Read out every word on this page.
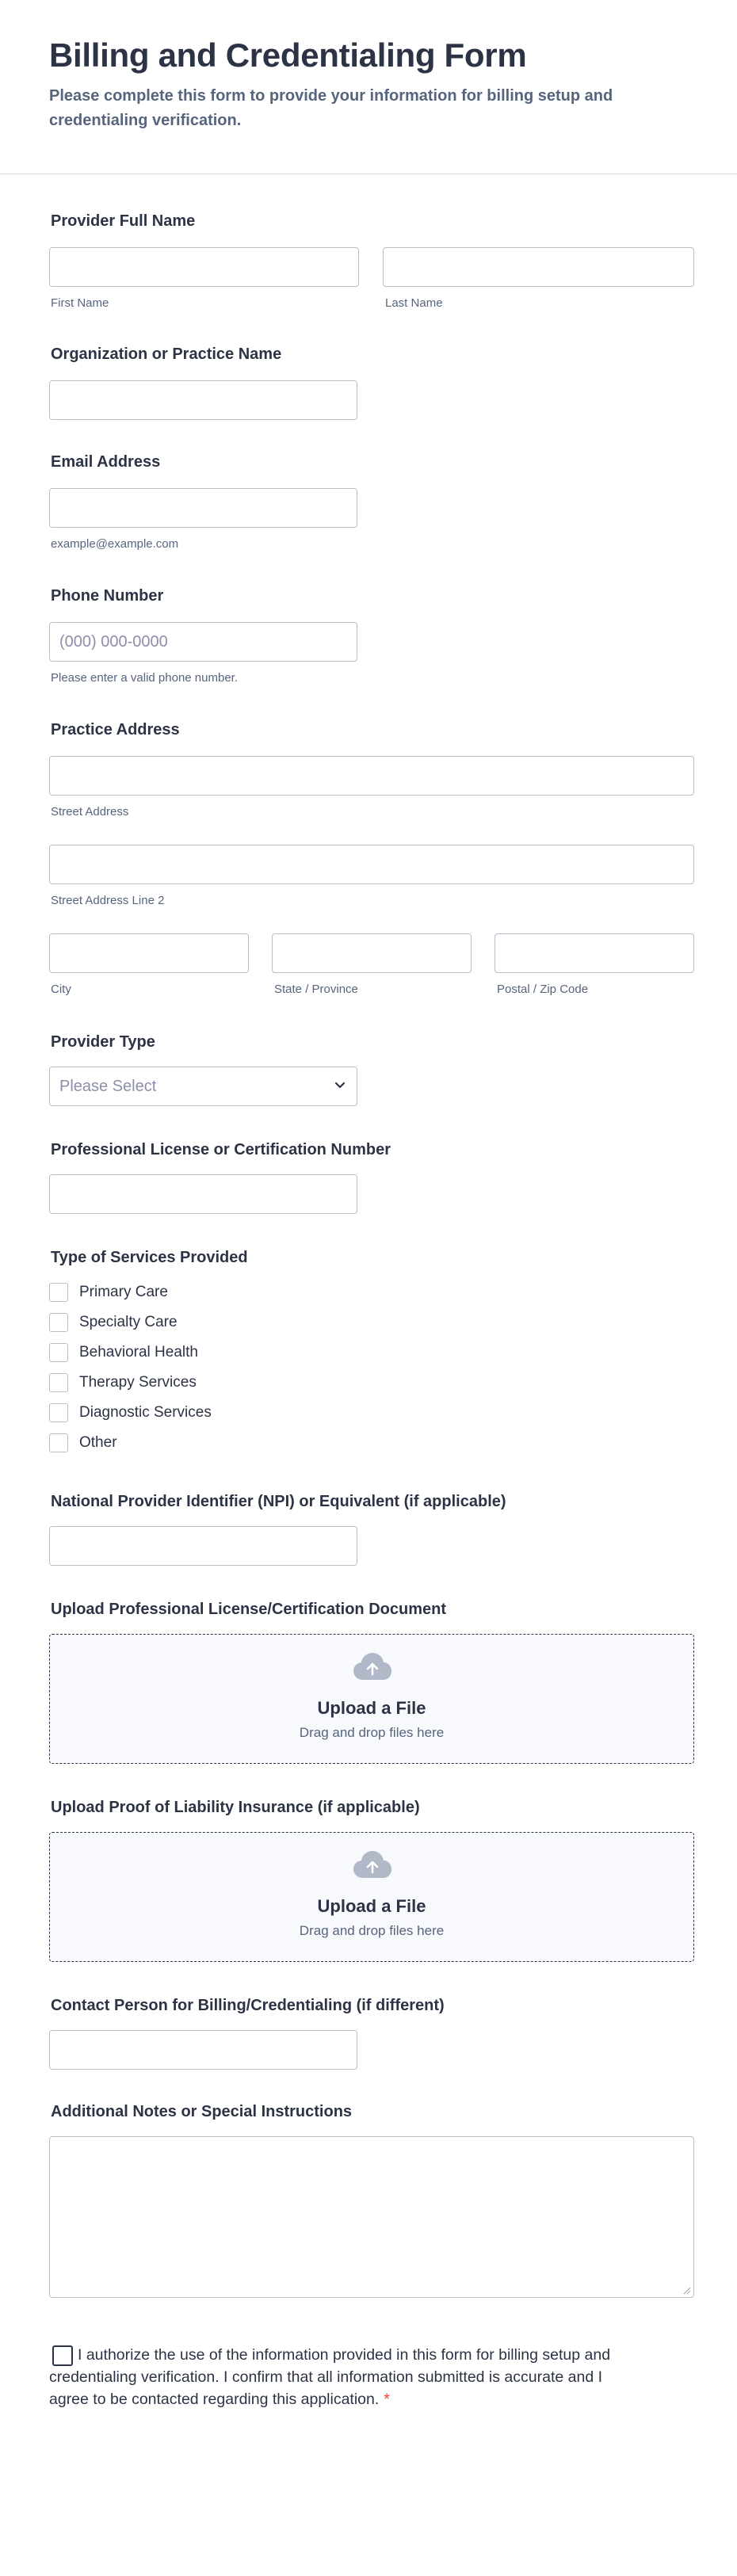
Billing and Credentialing Form

Please complete this form to provide your information for billing setup and credentialing verification.

Provider Full Name
First Name	Last Name
Organization or Practice Name
Email Address
example@example.com
Phone Number
(000) 000-0000
Please enter a valid phone number.
Practice Address
Street Address
Street Address Line 2
City	State / Province	Postal / Zip Code
Provider Type
Please Select
Professional License or Certification Number
Type of Services Provided
Primary Care
Specialty Care
Behavioral Health
Therapy Services
Diagnostic Services
Other
National Provider Identifier (NPI) or Equivalent (if applicable)
Upload Professional License/Certification Document
Upload a File
Drag and drop files here
Upload Proof of Liability Insurance (if applicable)
Upload a File
Drag and drop files here
Contact Person for Billing/Credentialing (if different)
Additional Notes or Special Instructions
I authorize the use of the information provided in this form for billing setup and credentialing verification. I confirm that all information submitted is accurate and I agree to be contacted regarding this application. *
